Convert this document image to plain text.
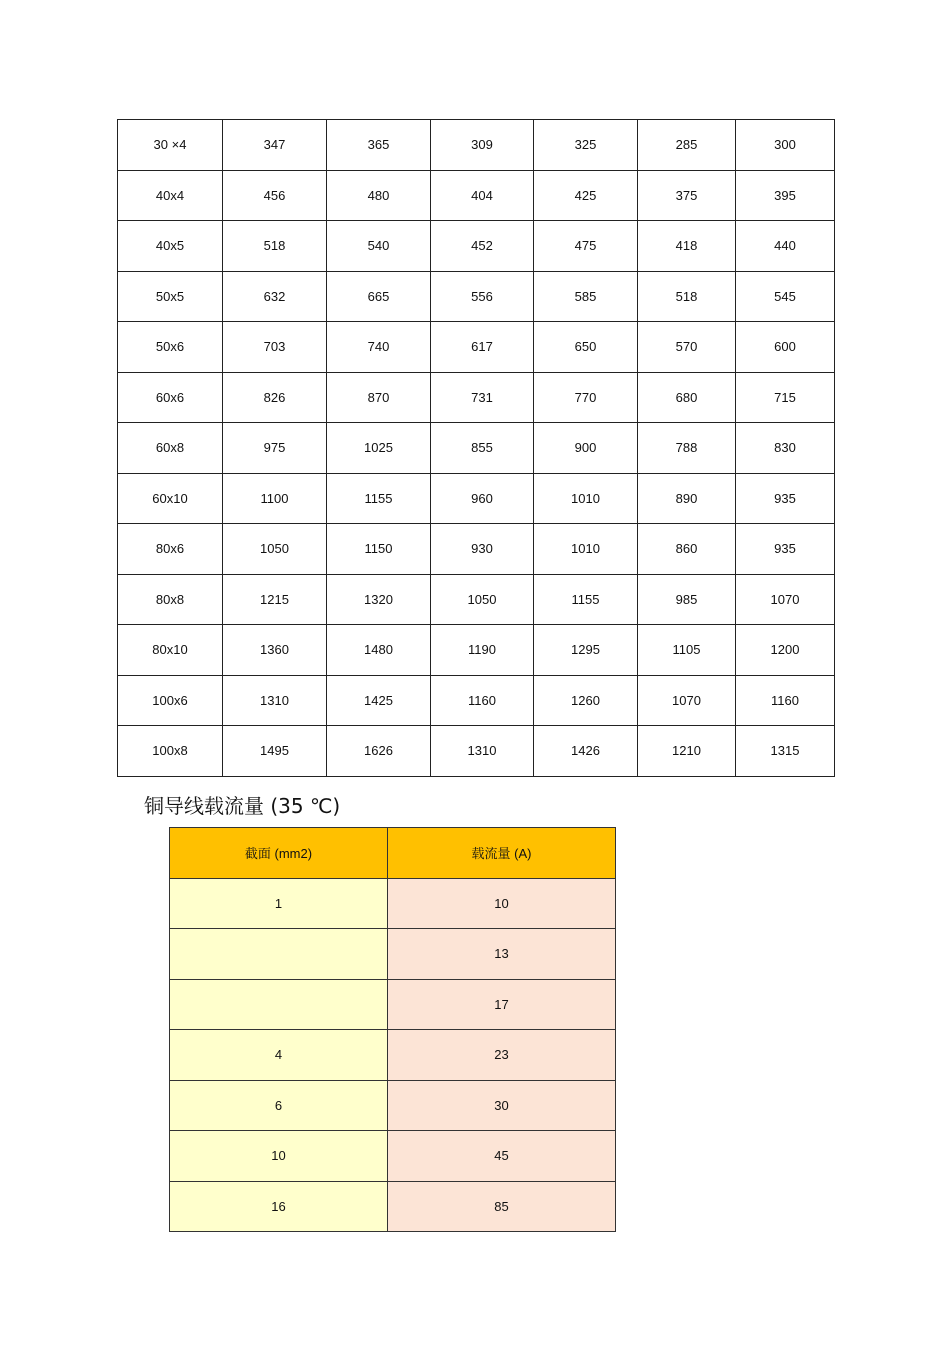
30 ×4	347	365	309	325	285	300
40x4	456	480	404	425	375	395
40x5	518	540	452	475	418	440
50x5	632	665	556	585	518	545
50x6	703	740	617	650	570	600
60x6	826	870	731	770	680	715
60x8	975	1025	855	900	788	830
60x10	1100	1155	960	1010	890	935
80x6	1050	1150	930	1010	860	935
80x8	1215	1320	1050	1155	985	1070
80x10	1360	1480	1190	1295	1105	1200
100x6	1310	1425	1160	1260	1070	1160
100x8	1495	1626	1310	1426	1210	1315
铜导线载流量 (35 ℃)
截面 (mm2)	载流量 (A)
1	10
	13
	17
4	23
6	30
10	45
16	85
